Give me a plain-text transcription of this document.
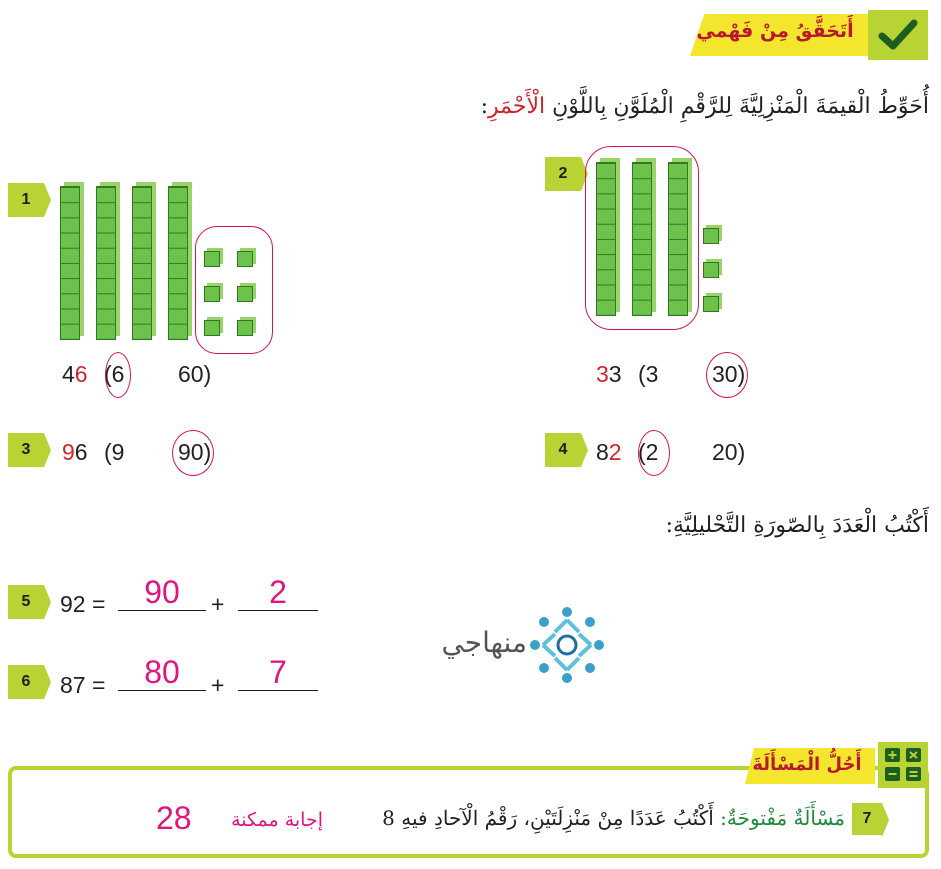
أَتَحَقَّقُ مِنْ فَهْمي
أُحَوِّطُ الْقيمَةَ الْمَنْزِلِيَّةَ لِلرَّقْمِ الْمُلَوَّنِ بِاللَّوْنِ الْأَحْمَرِ:
1
46 (6 60)
2
33 (3 30)
3	96 (9 90)	4	82 (2 20)
أَكْتُبُ الْعَدَدَ بِالصّورَةِ التَّحْليلِيَّةِ:
5	92 =	90	+	2
6	87 =	80	+	7
منهاجي
أَحُلُّ الْمَسْأَلَةَ
7
مَسْأَلَةٌ مَفْتوحَةٌ: أَكْتُبُ عَدَدًا مِنْ مَنْزِلَتَيْنِ، رَقْمُ الْآحادِ فيهِ 8
إجابة ممكنة
28
